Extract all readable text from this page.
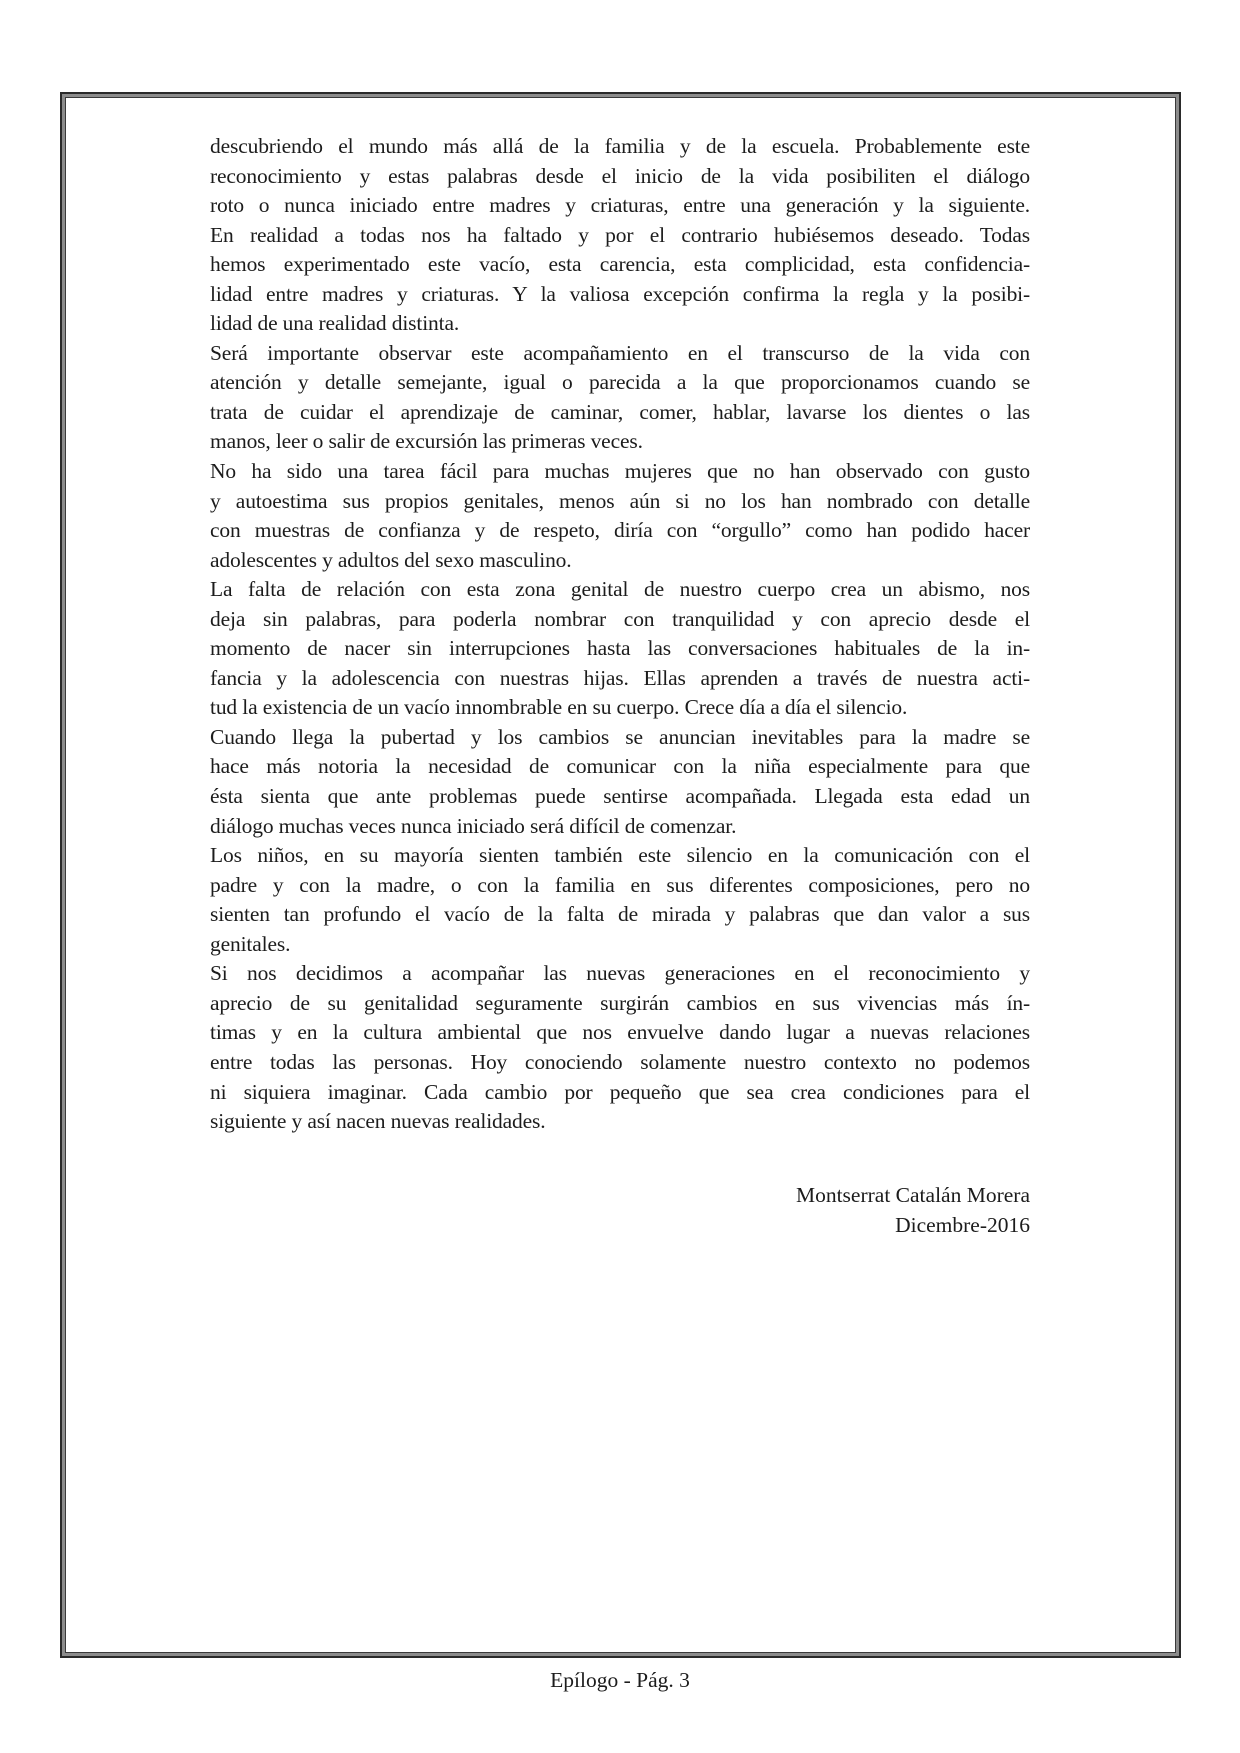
descubriendo el mundo más allá de la familia y de la escuela. Probablemente este
reconocimiento y estas palabras desde el inicio de la vida posibiliten el diálogo
roto o nunca iniciado entre madres y criaturas, entre una generación y la siguiente.
En realidad a todas nos ha faltado y por el contrario hubiésemos deseado. Todas
hemos experimentado este vacío, esta carencia, esta complicidad, esta confidencia-
lidad entre madres y criaturas. Y la valiosa excepción confirma la regla y la posibi-
lidad de una realidad distinta.
Será importante observar este acompañamiento en el transcurso de la vida con
atención y detalle semejante, igual o parecida a la que proporcionamos cuando se
trata de cuidar el aprendizaje de caminar, comer, hablar, lavarse los dientes o las
manos, leer o salir de excursión las primeras veces.
No ha sido una tarea fácil para muchas mujeres que no han observado con gusto
y autoestima sus propios genitales, menos aún si no los han nombrado con detalle
con muestras de confianza y de respeto, diría con “orgullo” como han podido hacer
adolescentes y adultos del sexo masculino.
La falta de relación con esta zona genital de nuestro cuerpo crea un abismo, nos
deja sin palabras, para poderla nombrar con tranquilidad y con aprecio desde el
momento de nacer sin interrupciones hasta las conversaciones habituales de la in-
fancia y la adolescencia con nuestras hijas. Ellas aprenden a través de nuestra acti-
tud la existencia de un vacío innombrable en su cuerpo. Crece día a día el silencio.
Cuando llega la pubertad y los cambios se anuncian inevitables para la madre se
hace más notoria la necesidad de comunicar con la niña especialmente para que
ésta sienta que ante problemas puede sentirse acompañada. Llegada esta edad un
diálogo muchas veces nunca iniciado será difícil de comenzar.
Los niños, en su mayoría sienten también este silencio en la comunicación con el
padre y con la madre, o con la familia en sus diferentes composiciones, pero no
sienten tan profundo el vacío de la falta de mirada y palabras que dan valor a sus
genitales.
Si nos decidimos a acompañar las nuevas generaciones en el reconocimiento y
aprecio de su genitalidad seguramente surgirán cambios en sus vivencias más ín-
timas y en la cultura ambiental que nos envuelve dando lugar a nuevas relaciones
entre todas las personas. Hoy conociendo solamente nuestro contexto no podemos
ni siquiera imaginar. Cada cambio por pequeño que sea crea condiciones para el
siguiente y así nacen nuevas realidades.
Montserrat Catalán Morera
Dicembre-2016
Epílogo - Pág. 3
